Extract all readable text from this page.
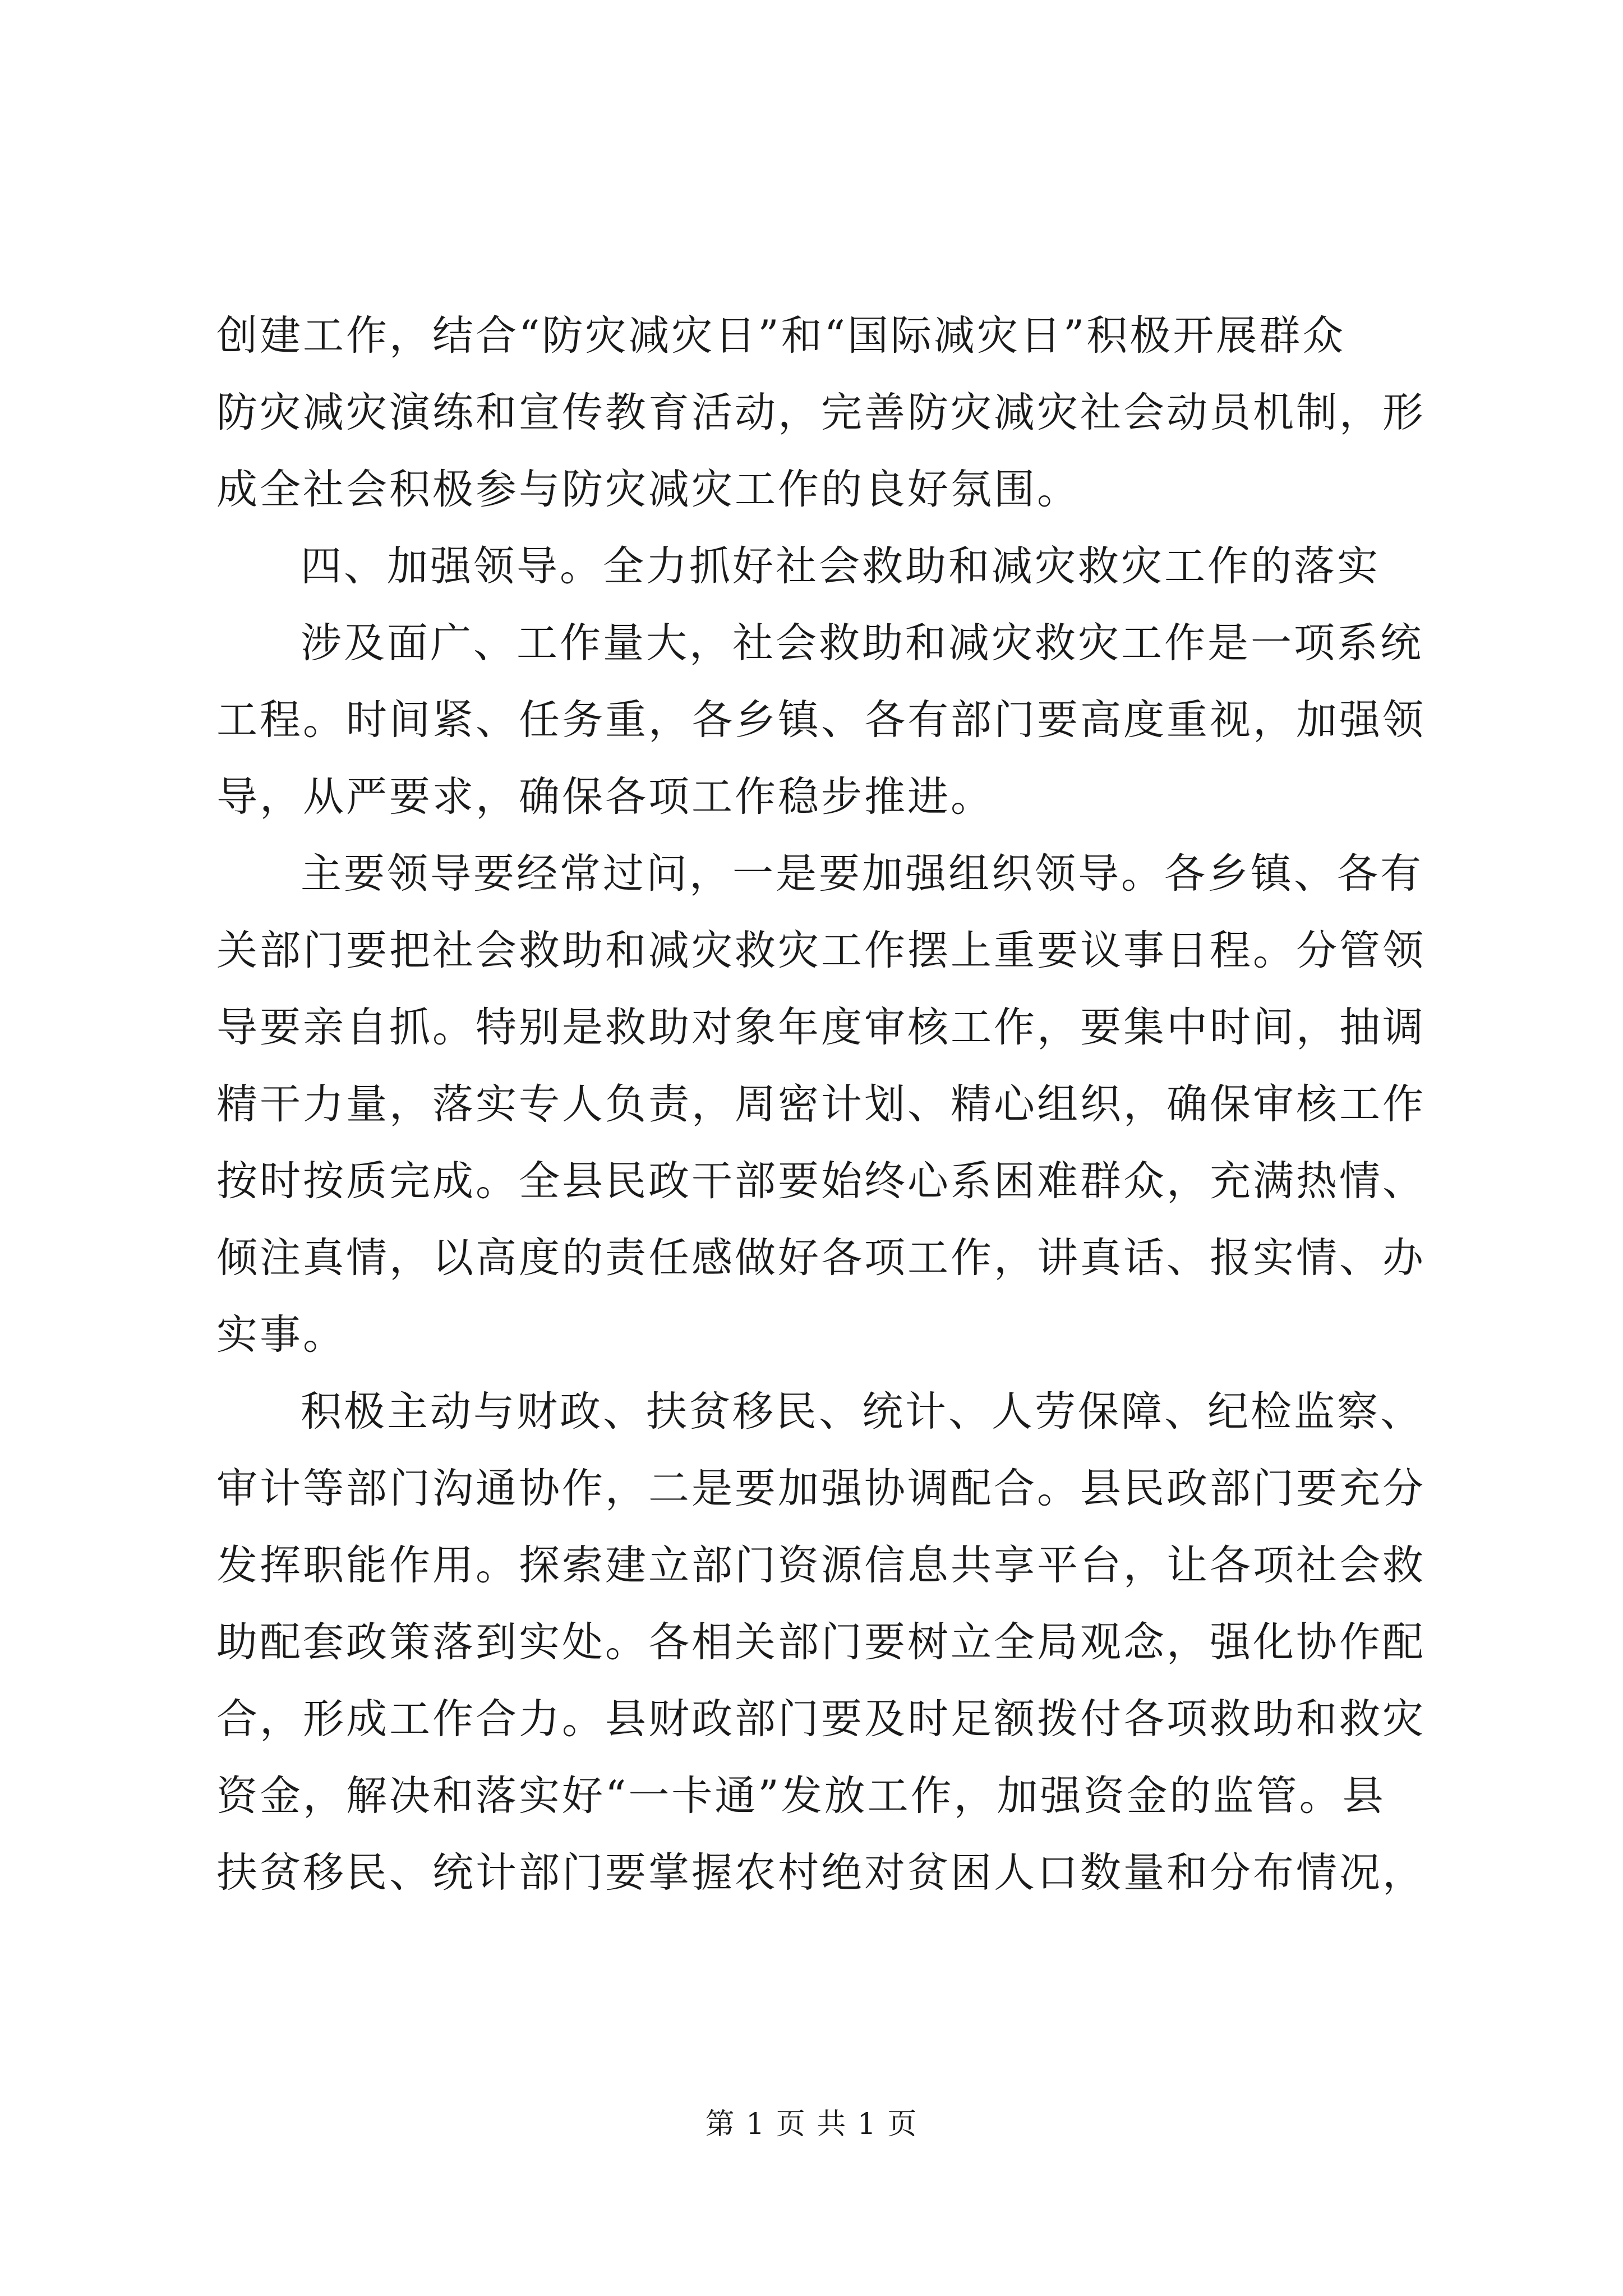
创建工作，结合“防灾减灾日”和“国际减灾日”积极开展群众
防灾减灾演练和宣传教育活动，完善防灾减灾社会动员机制，形
成全社会积极参与防灾减灾工作的良好氛围。
四、加强领导。全力抓好社会救助和减灾救灾工作的落实
涉及面广、工作量大，社会救助和减灾救灾工作是一项系统
工程。时间紧、任务重，各乡镇、各有部门要高度重视，加强领
导，从严要求，确保各项工作稳步推进。
主要领导要经常过问，一是要加强组织领导。各乡镇、各有
关部门要把社会救助和减灾救灾工作摆上重要议事日程。分管领
导要亲自抓。特别是救助对象年度审核工作，要集中时间，抽调
精干力量，落实专人负责，周密计划、精心组织，确保审核工作
按时按质完成。全县民政干部要始终心系困难群众，充满热情、
倾注真情，以高度的责任感做好各项工作，讲真话、报实情、办
实事。
积极主动与财政、扶贫移民、统计、人劳保障、纪检监察、
审计等部门沟通协作，二是要加强协调配合。县民政部门要充分
发挥职能作用。探索建立部门资源信息共享平台，让各项社会救
助配套政策落到实处。各相关部门要树立全局观念，强化协作配
合，形成工作合力。县财政部门要及时足额拨付各项救助和救灾
资金，解决和落实好“一卡通”发放工作，加强资金的监管。县
扶贫移民、统计部门要掌握农村绝对贫困人口数量和分布情况，
第 1 页 共 1 页
